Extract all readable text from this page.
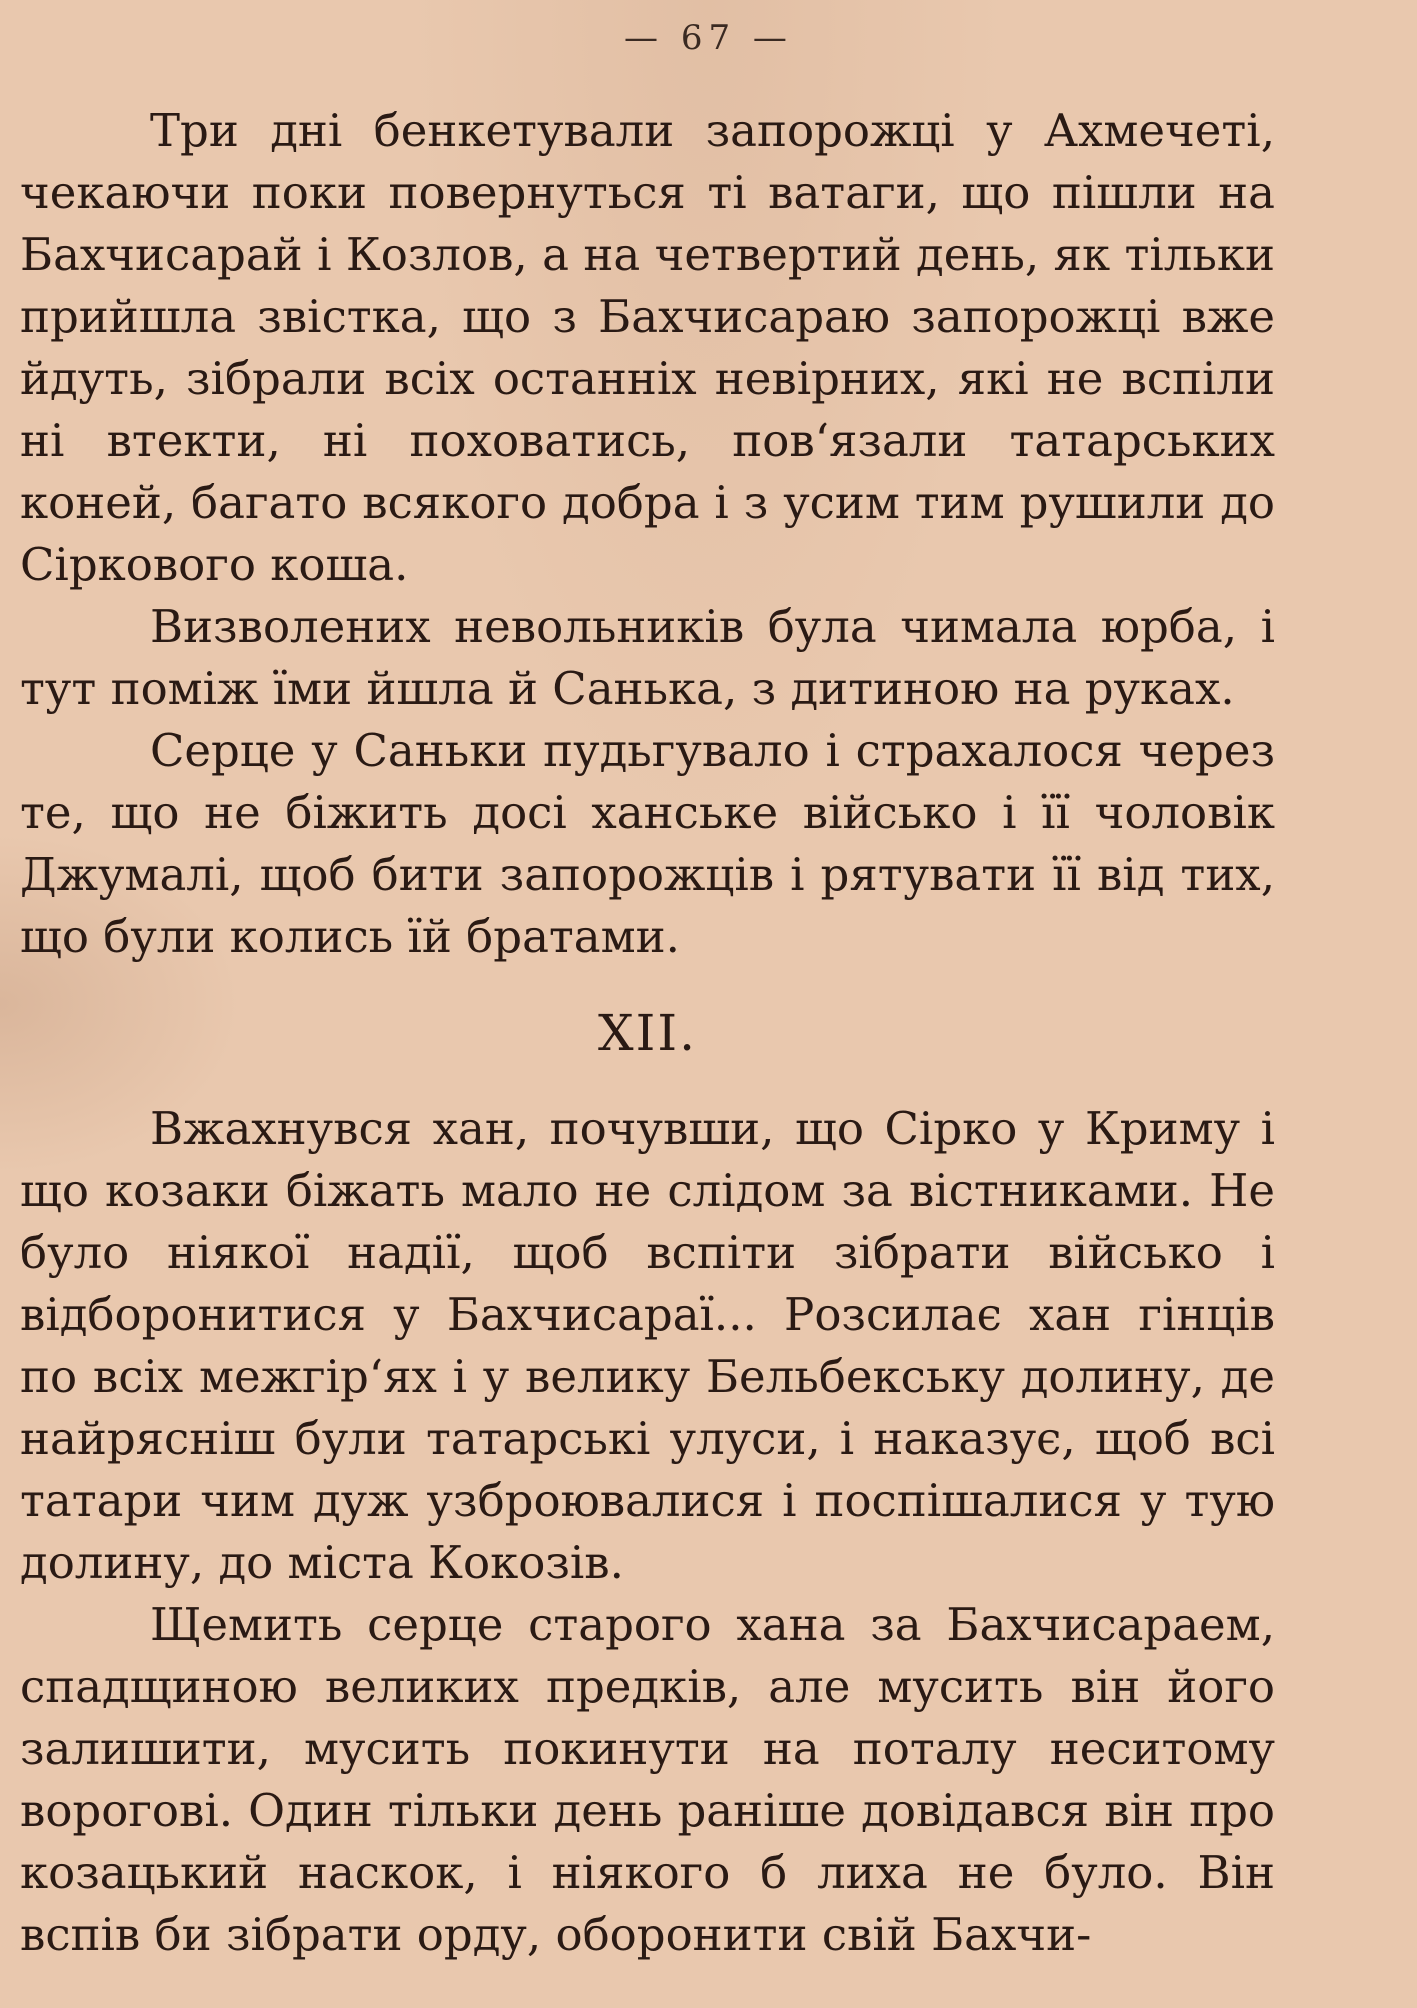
— 67 —

Три дні бенкетували запорожці у Ахмечеті, чекаючи поки повернуться ті ватаги, що пішли на Бахчисарай і Козлов, а на четвертий день, як тільки прийшла звістка, що з Бахчисараю запорожці вже йдуть, зібрали всіх останніх невірних, які не вспіли ні втекти, ні поховатись, пов‘язали татарських коней, багато всякого добра і з усим тим рушили до Сіркового коша.

Визволених невольників була чимала юрба, і тут поміж їми йшла й Санька, з дитиною на руках.

Серце у Саньки пудьгувало і страхалося через те, що не біжить досі ханське військо і її чоловік Джумалі, щоб бити запорожців і рятувати її від тих, що були колись їй братами.

XII.

Вжахнувся хан, почувши, що Сірко у Криму і що козаки біжать мало не слідом за вістниками. Не було ніякої надії, щоб вспіти зібрати військо і відборонитися у Бахчисараї... Розсилає хан гінців по всіх межгір‘ях і у велику Бельбекську долину, де найрясніш були татарські улуси, і наказує, щоб всі татари чим дуж узброювалися і поспішалися у тую долину, до міста Кокозів.

Щемить серце старого хана за Бахчисараем, спадщиною великих предків, але мусить він його залишити, мусить покинути на поталу неситому ворогові. Один тільки день раніше довідався він про козацький наскок, і ніякого б лиха не було. Він вспів би зібрати орду, оборонити свій Бахчи-
